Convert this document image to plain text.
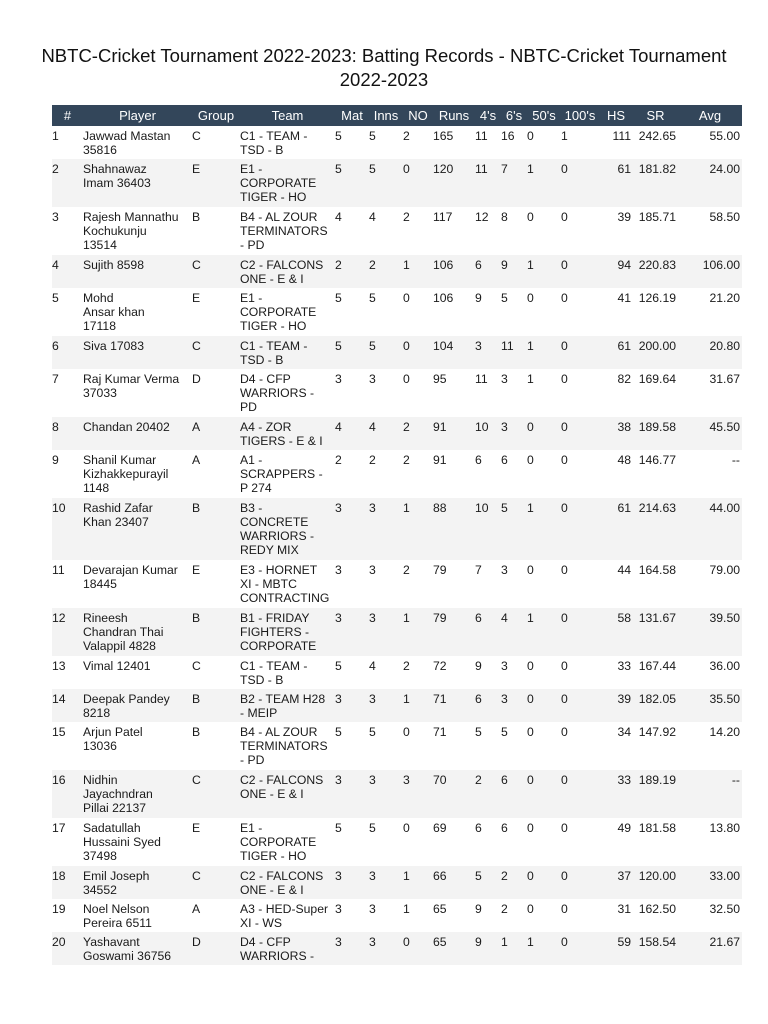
NBTC-Cricket Tournament 2022-2023: Batting Records - NBTC-Cricket Tournament 2022-2023
#	Player	Group	Team	Mat	Inns	NO	Runs	4's	6's	50's	100's	HS	SR	Avg
1	Jawwad Mastan
35816	C	C1 - TEAM -
TSD - B	5	5	2	165	11	16	0	1	111	242.65	55.00
2	Shahnawaz
Imam 36403	E	E1 -
CORPORATE
TIGER - HO	5	5	0	120	11	7	1	0	61	181.82	24.00
3	Rajesh Mannathu
Kochukunju
13514	B	B4 - AL ZOUR
TERMINATORS
- PD	4	4	2	117	12	8	0	0	39	185.71	58.50
4	Sujith 8598	C	C2 - FALCONS
ONE - E & I	2	2	1	106	6	9	1	0	94	220.83	106.00
5	Mohd
Ansar khan
17118	E	E1 -
CORPORATE
TIGER - HO	5	5	0	106	9	5	0	0	41	126.19	21.20
6	Siva 17083	C	C1 - TEAM -
TSD - B	5	5	0	104	3	11	1	0	61	200.00	20.80
7	Raj Kumar Verma
37033	D	D4 - CFP
WARRIORS -
PD	3	3	0	95	11	3	1	0	82	169.64	31.67
8	Chandan 20402	A	A4 - ZOR
TIGERS - E & I	4	4	2	91	10	3	0	0	38	189.58	45.50
9	Shanil Kumar
Kizhakkepurayil
1148	A	A1 -
SCRAPPERS -
P 274	2	2	2	91	6	6	0	0	48	146.77	--
10	Rashid Zafar
Khan 23407	B	B3 -
CONCRETE
WARRIORS -
REDY MIX	3	3	1	88	10	5	1	0	61	214.63	44.00
11	Devarajan Kumar
18445	E	E3 - HORNET
XI - MBTC
CONTRACTING	3	3	2	79	7	3	0	0	44	164.58	79.00
12	Rineesh
Chandran Thai
Valappil 4828	B	B1 - FRIDAY
FIGHTERS -
CORPORATE	3	3	1	79	6	4	1	0	58	131.67	39.50
13	Vimal 12401	C	C1 - TEAM -
TSD - B	5	4	2	72	9	3	0	0	33	167.44	36.00
14	Deepak Pandey
8218	B	B2 - TEAM H28
- MEIP	3	3	1	71	6	3	0	0	39	182.05	35.50
15	Arjun Patel
13036	B	B4 - AL ZOUR
TERMINATORS
- PD	5	5	0	71	5	5	0	0	34	147.92	14.20
16	Nidhin
Jayachndran
Pillai 22137	C	C2 - FALCONS
ONE - E & I	3	3	3	70	2	6	0	0	33	189.19	--
17	Sadatullah
Hussaini Syed
37498	E	E1 -
CORPORATE
TIGER - HO	5	5	0	69	6	6	0	0	49	181.58	13.80
18	Emil Joseph
34552	C	C2 - FALCONS
ONE - E & I	3	3	1	66	5	2	0	0	37	120.00	33.00
19	Noel Nelson
Pereira 6511	A	A3 - HED-Super
XI - WS	3	3	1	65	9	2	0	0	31	162.50	32.50
20	Yashavant
Goswami 36756	D	D4 - CFP
WARRIORS -	3	3	0	65	9	1	1	0	59	158.54	21.67
